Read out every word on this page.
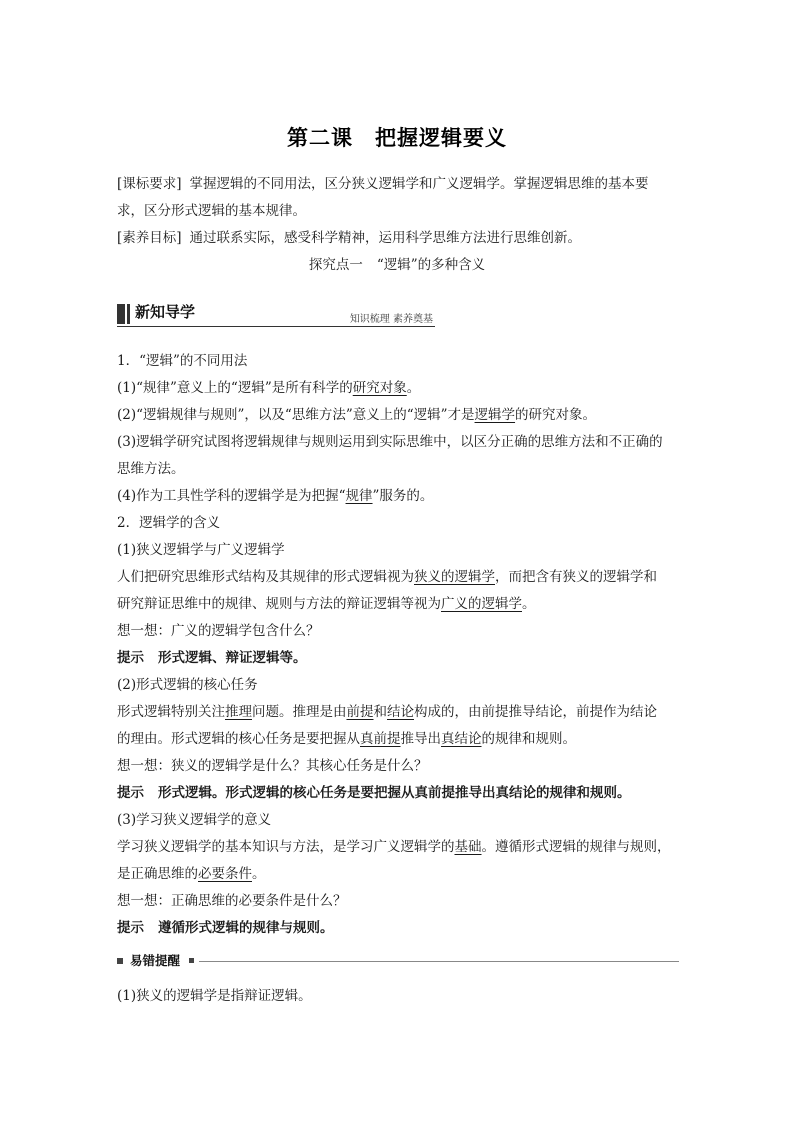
第二课 把握逻辑要义
[课标要求] 掌握逻辑的不同用法，区分狭义逻辑学和广义逻辑学。掌握逻辑思维的基本要
求，区分形式逻辑的基本规律。
[素养目标] 通过联系实际，感受科学精神，运用科学思维方法进行思维创新。
探究点一 “逻辑”的多种含义
新知导学	知识梳理 素养奠基
1．“逻辑”的不同用法
(1)“规律”意义上的“逻辑”是所有科学的研究对象。
(2)“逻辑规律与规则”，以及“思维方法”意义上的“逻辑”才是逻辑学的研究对象。
(3)逻辑学研究试图将逻辑规律与规则运用到实际思维中，以区分正确的思维方法和不正确的
思维方法。
(4)作为工具性学科的逻辑学是为把握“规律”服务的。
2．逻辑学的含义
(1)狭义逻辑学与广义逻辑学
人们把研究思维形式结构及其规律的形式逻辑视为狭义的逻辑学，而把含有狭义的逻辑学和
研究辩证思维中的规律、规则与方法的辩证逻辑等视为广义的逻辑学。
想一想：广义的逻辑学包含什么？
提示 形式逻辑、辩证逻辑等。
(2)形式逻辑的核心任务
形式逻辑特别关注推理问题。推理是由前提和结论构成的，由前提推导结论，前提作为结论
的理由。形式逻辑的核心任务是要把握从真前提推导出真结论的规律和规则。
想一想：狭义的逻辑学是什么？其核心任务是什么？
提示 形式逻辑。形式逻辑的核心任务是要把握从真前提推导出真结论的规律和规则。
(3)学习狭义逻辑学的意义
学习狭义逻辑学的基本知识与方法，是学习广义逻辑学的基础。遵循形式逻辑的规律与规则，
是正确思维的必要条件。
想一想：正确思维的必要条件是什么？
提示 遵循形式逻辑的规律与规则。
易错提醒
(1)狭义的逻辑学是指辩证逻辑。
